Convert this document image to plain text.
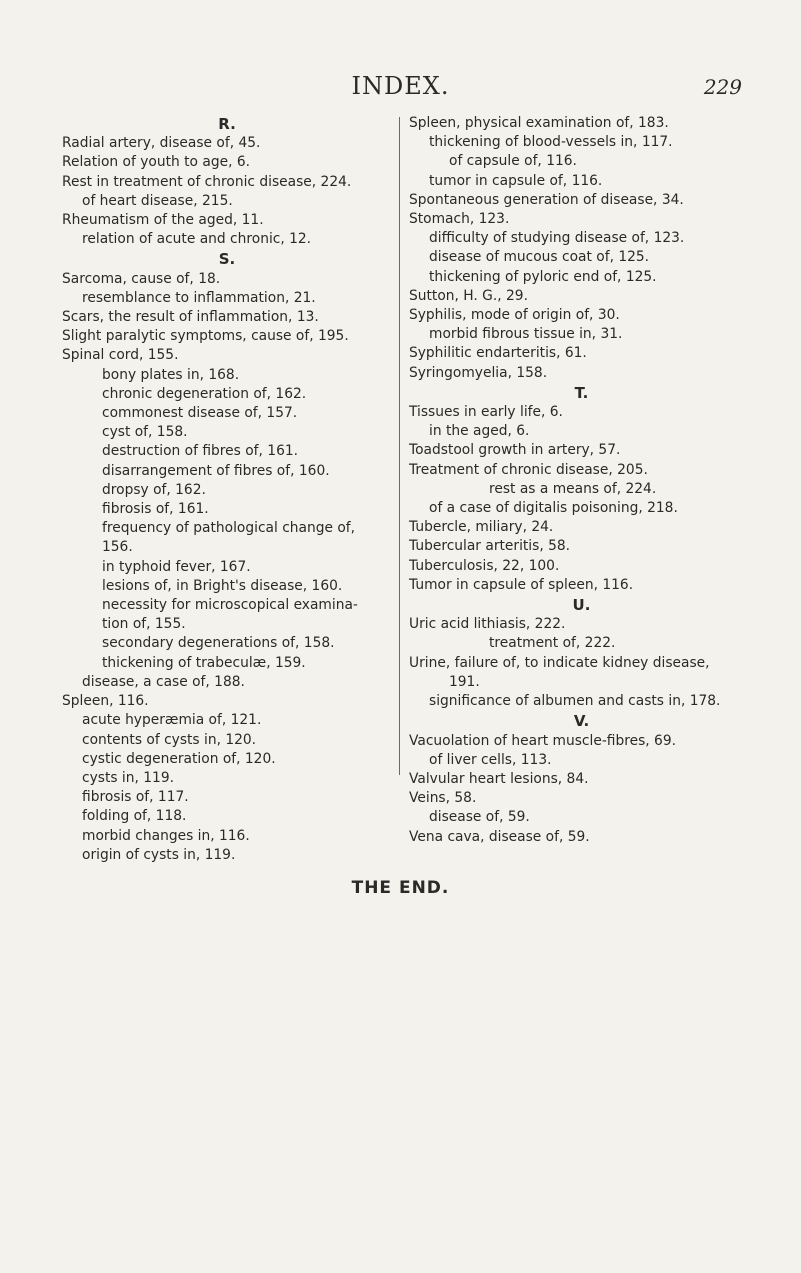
INDEX.	229
R.
Radial artery, disease of, 45.
Relation of youth to age, 6.
Rest in treatment of chronic disease, 224.
of heart disease, 215.
Rheumatism of the aged, 11.
relation of acute and chronic, 12.
S.
Sarcoma, cause of, 18.
resemblance to inflammation, 21.
Scars, the result of inflammation, 13.
Slight paralytic symptoms, cause of, 195.
Spinal cord, 155.
bony plates in, 168.
chronic degeneration of, 162.
commonest disease of, 157.
cyst of, 158.
destruction of fibres of, 161.
disarrangement of fibres of, 160.
dropsy of, 162.
fibrosis of, 161.
frequency of pathological change of,
156.
in typhoid fever, 167.
lesions of, in Bright's disease, 160.
necessity for microscopical examina-
tion of, 155.
secondary degenerations of, 158.
thickening of trabeculæ, 159.
disease, a case of, 188.
Spleen, 116.
acute hyperæmia of, 121.
contents of cysts in, 120.
cystic degeneration of, 120.
cysts in, 119.
fibrosis of, 117.
folding of, 118.
morbid changes in, 116.
origin of cysts in, 119.
Spleen, physical examination of, 183.
thickening of blood-vessels in, 117.
of capsule of, 116.
tumor in capsule of, 116.
Spontaneous generation of disease, 34.
Stomach, 123.
difficulty of studying disease of, 123.
disease of mucous coat of, 125.
thickening of pyloric end of, 125.
Sutton, H. G., 29.
Syphilis, mode of origin of, 30.
morbid fibrous tissue in, 31.
Syphilitic endarteritis, 61.
Syringomyelia, 158.
T.
Tissues in early life, 6.
in the aged, 6.
Toadstool growth in artery, 57.
Treatment of chronic disease, 205.
rest as a means of, 224.
of a case of digitalis poisoning, 218.
Tubercle, miliary, 24.
Tubercular arteritis, 58.
Tuberculosis, 22, 100.
Tumor in capsule of spleen, 116.
U.
Uric acid lithiasis, 222.
treatment of, 222.
Urine, failure of, to indicate kidney disease,
191.
significance of albumen and casts in, 178.
V.
Vacuolation of heart muscle-fibres, 69.
of liver cells, 113.
Valvular heart lesions, 84.
Veins, 58.
disease of, 59.
Vena cava, disease of, 59.
THE END.
